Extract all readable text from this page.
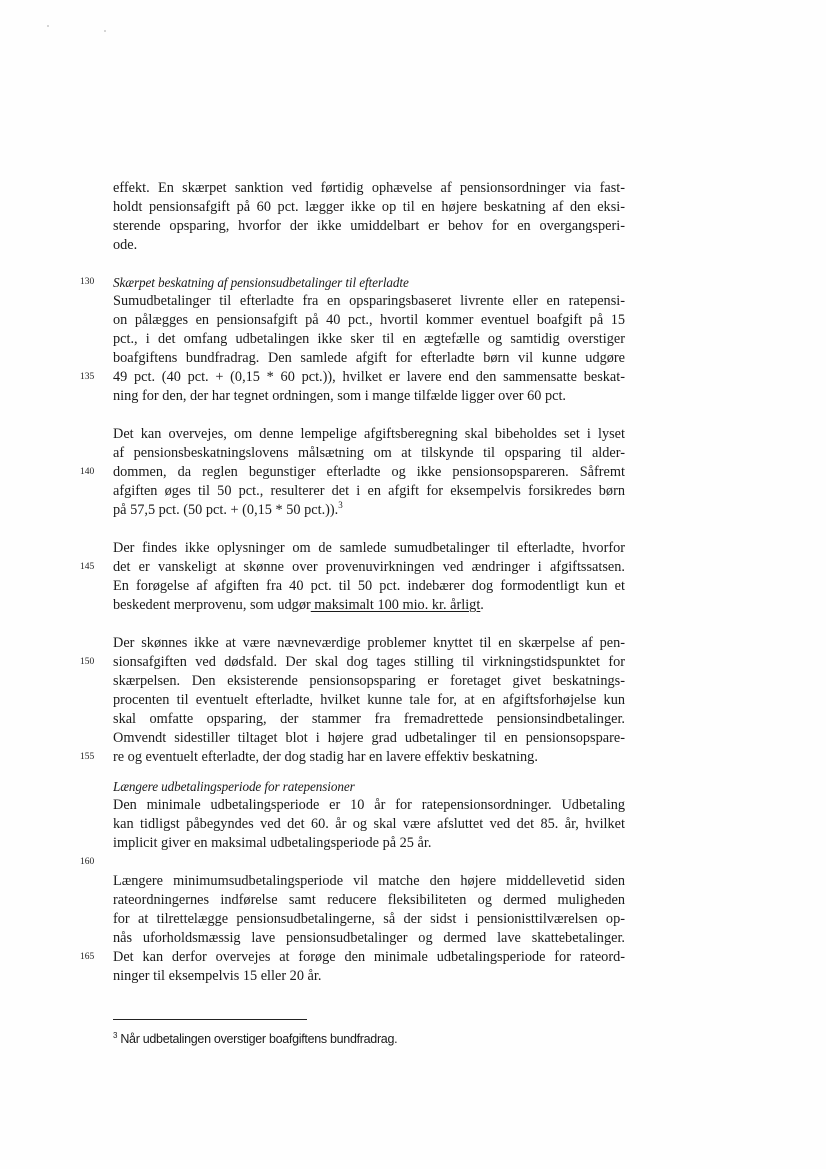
130
135
140
145
150
155
160
165
effekt. En skærpet sanktion ved førtidig ophævelse af pensionsordninger via fast-
holdt pensionsafgift på 60 pct. lægger ikke op til en højere beskatning af den eksi-
sterende opsparing, hvorfor der ikke umiddelbart er behov for en overgangsperi-
ode.
Skærpet beskatning af pensionsudbetalinger til efterladte
Sumudbetalinger til efterladte fra en opsparingsbaseret livrente eller en ratepensi-
on pålægges en pensionsafgift på 40 pct., hvortil kommer eventuel boafgift på 15
pct., i det omfang udbetalingen ikke sker til en ægtefælle og samtidig overstiger
boafgiftens bundfradrag. Den samlede afgift for efterladte børn vil kunne udgøre
49 pct. (40 pct. + (0,15 * 60 pct.)), hvilket er lavere end den sammensatte beskat-
ning for den, der har tegnet ordningen, som i mange tilfælde ligger over 60 pct.
Det kan overvejes, om denne lempelige afgiftsberegning skal bibeholdes set i lyset
af pensionsbeskatningslovens målsætning om at tilskynde til opsparing til alder-
dommen, da reglen begunstiger efterladte og ikke pensionsopspareren. Såfremt
afgiften øges til 50 pct., resulterer det i en afgift for eksempelvis forsikredes børn
på 57,5 pct. (50 pct. + (0,15 * 50 pct.)).$^3$
Der findes ikke oplysninger om de samlede sumudbetalinger til efterladte, hvorfor
det er vanskeligt at skønne over provenuvirkningen ved ændringer i afgiftssatsen.
En forøgelse af afgiften fra 40 pct. til 50 pct. indebærer dog formodentligt kun et
beskedent merprovenu, som udgør maksimalt 100 mio. kr. årligt.
Der skønnes ikke at være nævneværdige problemer knyttet til en skærpelse af pen-
sionsafgiften ved dødsfald. Der skal dog tages stilling til virkningstidspunktet for
skærpelsen. Den eksisterende pensionsopsparing er foretaget givet beskatnings-
procenten til eventuelt efterladte, hvilket kunne tale for, at en afgiftsforhøjelse kun
skal omfatte opsparing, der stammer fra fremadrettede pensionsindbetalinger.
Omvendt sidestiller tiltaget blot i højere grad udbetalinger til en pensionsopspare-
re og eventuelt efterladte, der dog stadig har en lavere effektiv beskatning.
Længere udbetalingsperiode for ratepensioner
Den minimale udbetalingsperiode er 10 år for ratepensionsordninger. Udbetaling
kan tidligst påbegyndes ved det 60. år og skal være afsluttet ved det 85. år, hvilket
implicit giver en maksimal udbetalingsperiode på 25 år.
Længere minimumsudbetalingsperiode vil matche den højere middellevetid siden
rateordningernes indførelse samt reducere fleksibiliteten og dermed muligheden
for at tilrettelægge pensionsudbetalingerne, så der sidst i pensionisttilværelsen op-
nås uforholdsmæssig lave pensionsudbetalinger og dermed lave skattebetalinger.
Det kan derfor overvejes at forøge den minimale udbetalingsperiode for rateord-
ninger til eksempelvis 15 eller 20 år.
$^3$ Når udbetalingen overstiger boafgiftens bundfradrag.
